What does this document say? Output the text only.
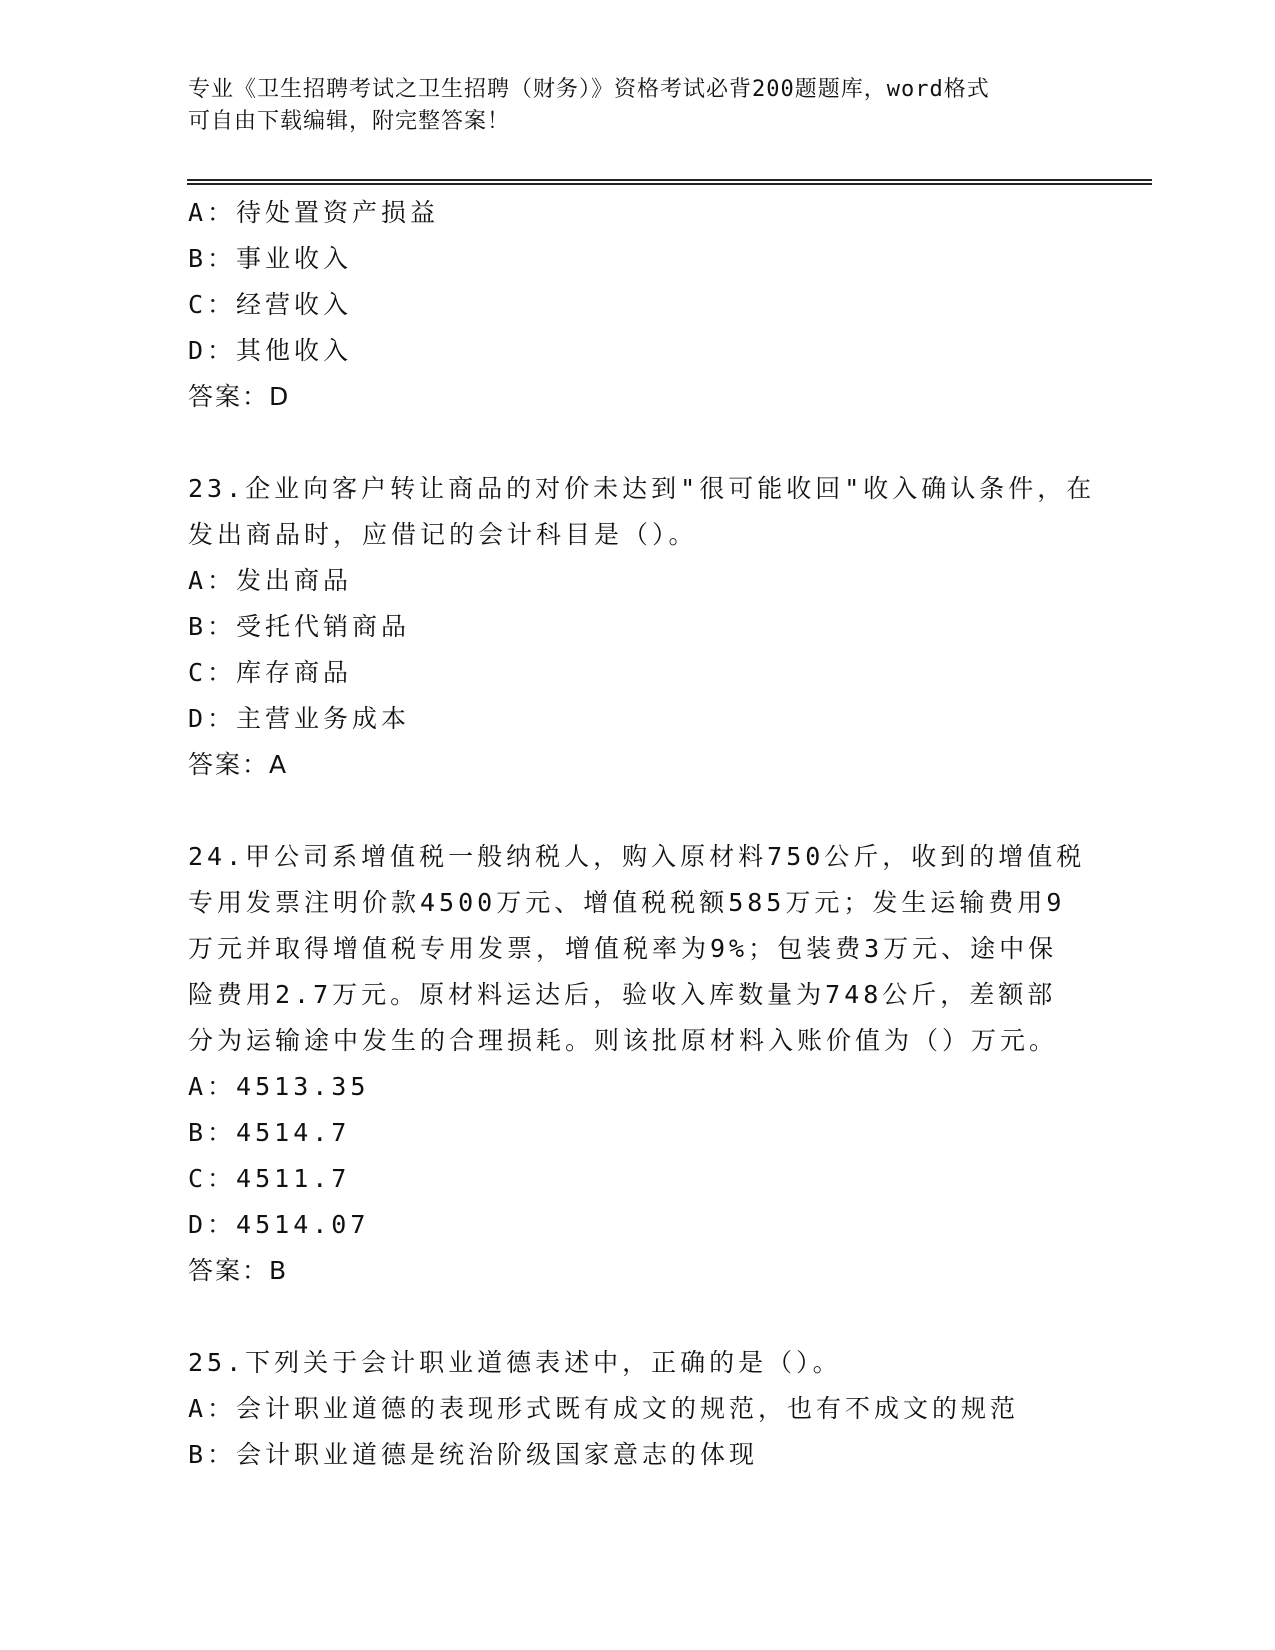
专业《卫生招聘考试之卫生招聘（财务）》资格考试必背200题题库，word格式
可自由下载编辑，附完整答案！
A：待处置资产损益
B：事业收入
C：经营收入
D：其他收入
答案：D
23.企业向客户转让商品的对价未达到"很可能收回"收入确认条件，在
发出商品时，应借记的会计科目是（）。
A：发出商品
B：受托代销商品
C：库存商品
D：主营业务成本
答案：A
24.甲公司系增值税一般纳税人，购入原材料750公斤，收到的增值税
专用发票注明价款4500万元、增值税税额585万元；发生运输费用9
万元并取得增值税专用发票，增值税率为9%；包装费3万元、途中保
险费用2.7万元。原材料运达后，验收入库数量为748公斤，差额部
分为运输途中发生的合理损耗。则该批原材料入账价值为（）万元。
A：4513.35
B：4514.7
C：4511.7
D：4514.07
答案：B
25.下列关于会计职业道德表述中，正确的是（）。
A：会计职业道德的表现形式既有成文的规范，也有不成文的规范
B：会计职业道德是统治阶级国家意志的体现
